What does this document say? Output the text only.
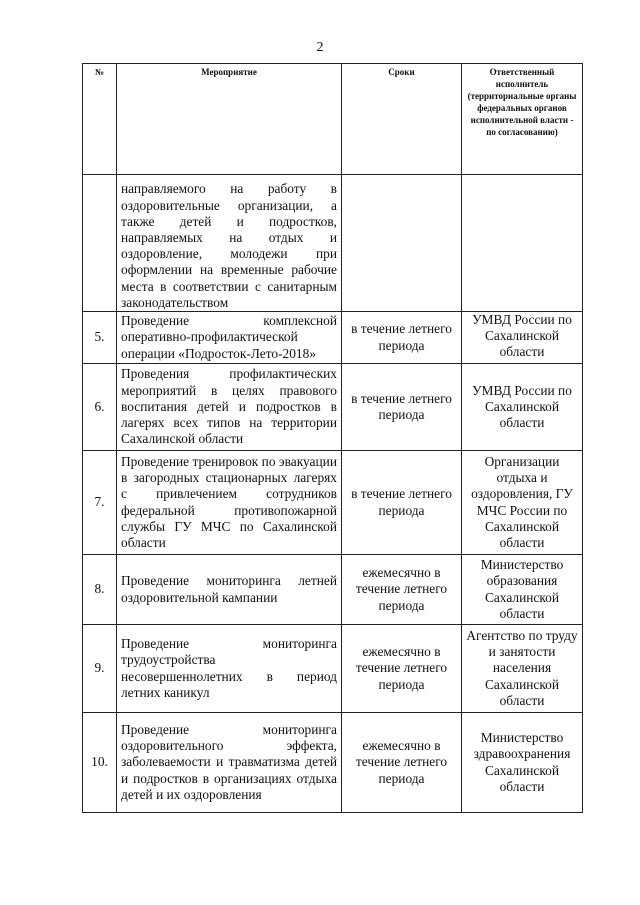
2
№	Мероприятие	Сроки	Ответственный исполнитель (территориальные органы федеральных органов исполнительной власти - по согласованию)
	направляемого на работу в оздоровительные организации, а также детей и подростков, направляемых на отдых и оздоровление, молодежи при оформлении на временные рабочие места в соответствии с санитарным законодательством		
5.	Проведение комплексной оперативно-профилактической операции «Подросток-Лето-2018»	в течение летнего периода	УМВД России по Сахалинской области
6.	Проведения профилактических мероприятий в целях правового воспитания детей и подростков в лагерях всех типов на территории Сахалинской области	в течение летнего периода	УМВД России по Сахалинской области
7.	Проведение тренировок по эвакуации в загородных стационарных лагерях с привлечением сотрудников федеральной противопожарной службы ГУ МЧС по Сахалинской области	в течение летнего периода	Организации отдыха и оздоровления, ГУ МЧС России по Сахалинской области
8.	Проведение мониторинга летней оздоровительной кампании	ежемесячно в течение летнего периода	Министерство образования Сахалинской области
9.	Проведение мониторинга трудоустройства несовершеннолетних в период летних каникул	ежемесячно в течение летнего периода	Агентство по труду и занятости населения Сахалинской области
10.	Проведение мониторинга оздоровительного эффекта, заболеваемости и травматизма детей и подростков в организациях отдыха детей и их оздоровления	ежемесячно в течение летнего периода	Министерство здравоохранения Сахалинской области
